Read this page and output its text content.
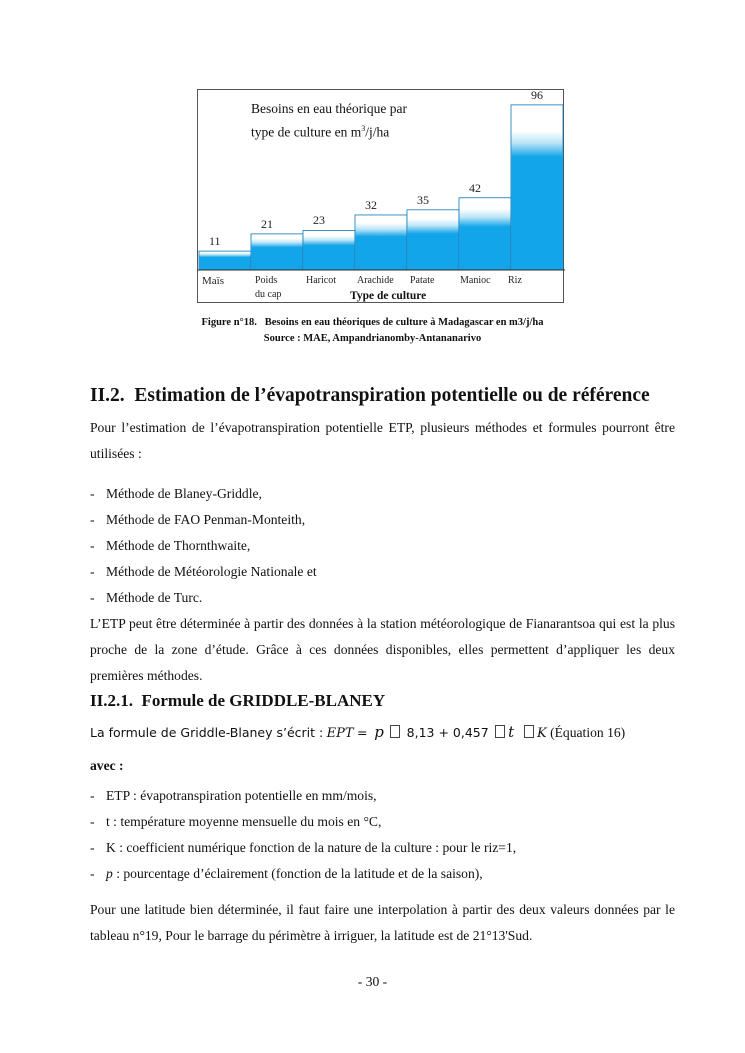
Besoins en eau théorique par
type de culture en $m^3/j/ha$
Maïs	Poids
du cap
Haricot Arachide Patate	Manioc Riz
11
21	23
32	35
42
96
Type de culture
Figure n°18.   Besoins en eau théoriques de culture à Madagascar en m3/j/ha
Source : MAE, Ampandrianomby-Antananarivo
II.2.  Estimation de l’évapotranspiration potentielle ou de référence

Pour l’estimation de l’évapotranspiration potentielle ETP, plusieurs méthodes et formules pourront être utilisées :

- Méthode de Blaney-Griddle,
- Méthode de FAO Penman-Monteith,
- Méthode de Thornthwaite,
- Méthode de Météorologie Nationale et
- Méthode de Turc.

L’ETP peut être déterminée à partir des données à la station météorologique de Fianarantsoa qui est la plus proche de la zone d’étude. Grâce à ces données disponibles, elles permettent d’appliquer les deux premières méthodes.

II.2.1.  Formule de GRIDDLE-BLANEY
La formule de Griddle-Blaney s’écrit : EPT = p 8,13 + 0,457 t K (Équation 16)
avec :
- ETP : évapotranspiration potentielle en mm/mois,
- t : température moyenne mensuelle du mois en °C,
- K : coefficient numérique fonction de la nature de la culture : pour le riz=1,
- p : pourcentage d’éclairement (fonction de la latitude et de la saison),

Pour une latitude bien déterminée, il faut faire une interpolation à partir des deux valeurs données par le tableau n°19, Pour le barrage du périmètre à irriguer, la latitude est de 21°13'Sud.

- 30 -
